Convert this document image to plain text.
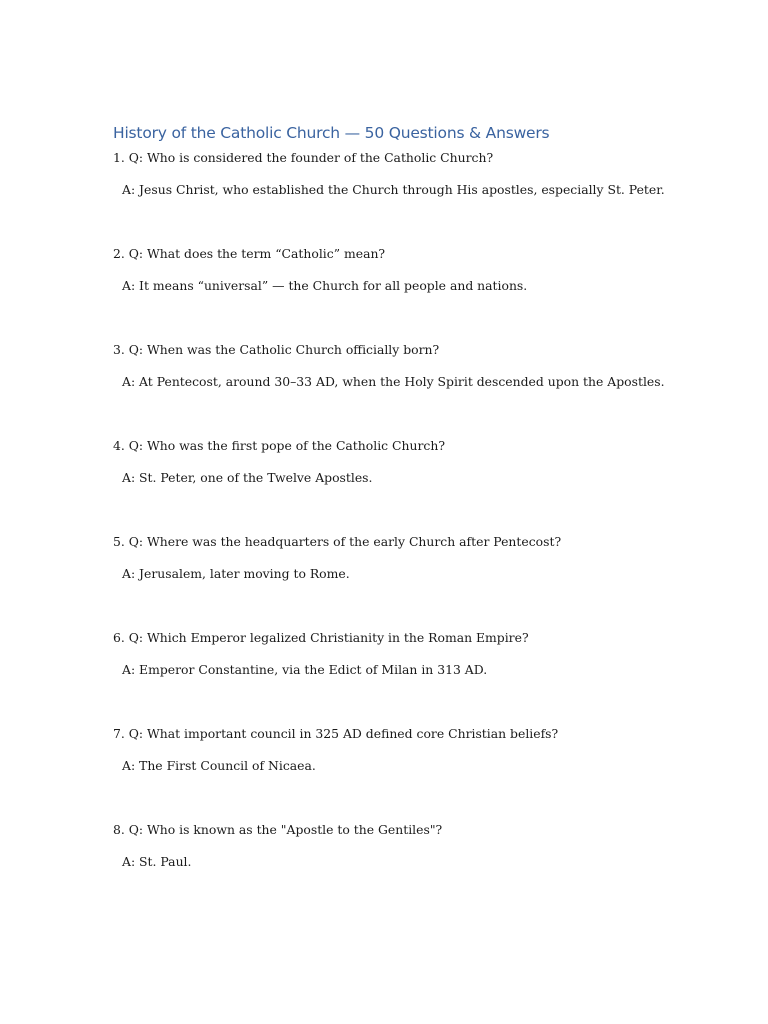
History of the Catholic Church — 50 Questions & Answers

1. Q: Who is considered the founder of the Catholic Church?

A: Jesus Christ, who established the Church through His apostles, especially St. Peter.

2. Q: What does the term “Catholic” mean?

A: It means “universal” — the Church for all people and nations.

3. Q: When was the Catholic Church officially born?

A: At Pentecost, around 30–33 AD, when the Holy Spirit descended upon the Apostles.

4. Q: Who was the first pope of the Catholic Church?

A: St. Peter, one of the Twelve Apostles.

5. Q: Where was the headquarters of the early Church after Pentecost?

A: Jerusalem, later moving to Rome.

6. Q: Which Emperor legalized Christianity in the Roman Empire?

A: Emperor Constantine, via the Edict of Milan in 313 AD.

7. Q: What important council in 325 AD defined core Christian beliefs?

A: The First Council of Nicaea.

8. Q: Who is known as the "Apostle to the Gentiles"?

A: St. Paul.
